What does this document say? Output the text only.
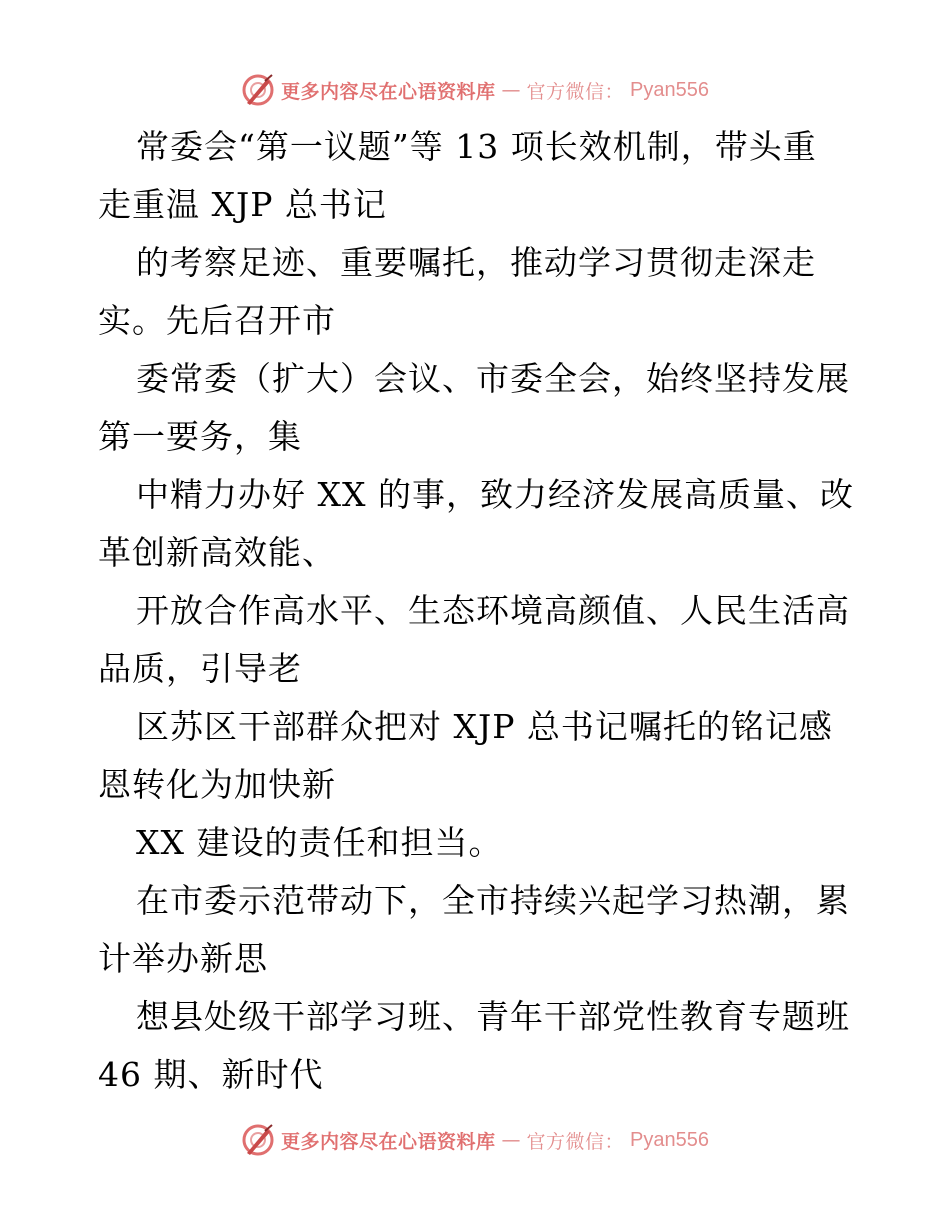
更多内容尽在心语资料库 — 官方微信： Pyan556
常委会“第一议题”等 13 项长效机制，带头重
走重温 XJP 总书记
的考察足迹、重要嘱托，推动学习贯彻走深走
实。先后召开市
委常委（扩大）会议、市委全会，始终坚持发展
第一要务，集
中精力办好 XX 的事，致力经济发展高质量、改
革创新高效能、
开放合作高水平、生态环境高颜值、人民生活高
品质，引导老
区苏区干部群众把对 XJP 总书记嘱托的铭记感
恩转化为加快新
XX 建设的责任和担当。
在市委示范带动下，全市持续兴起学习热潮，累
计举办新思
想县处级干部学习班、青年干部党性教育专题班
46 期、新时代
更多内容尽在心语资料库 — 官方微信： Pyan556
